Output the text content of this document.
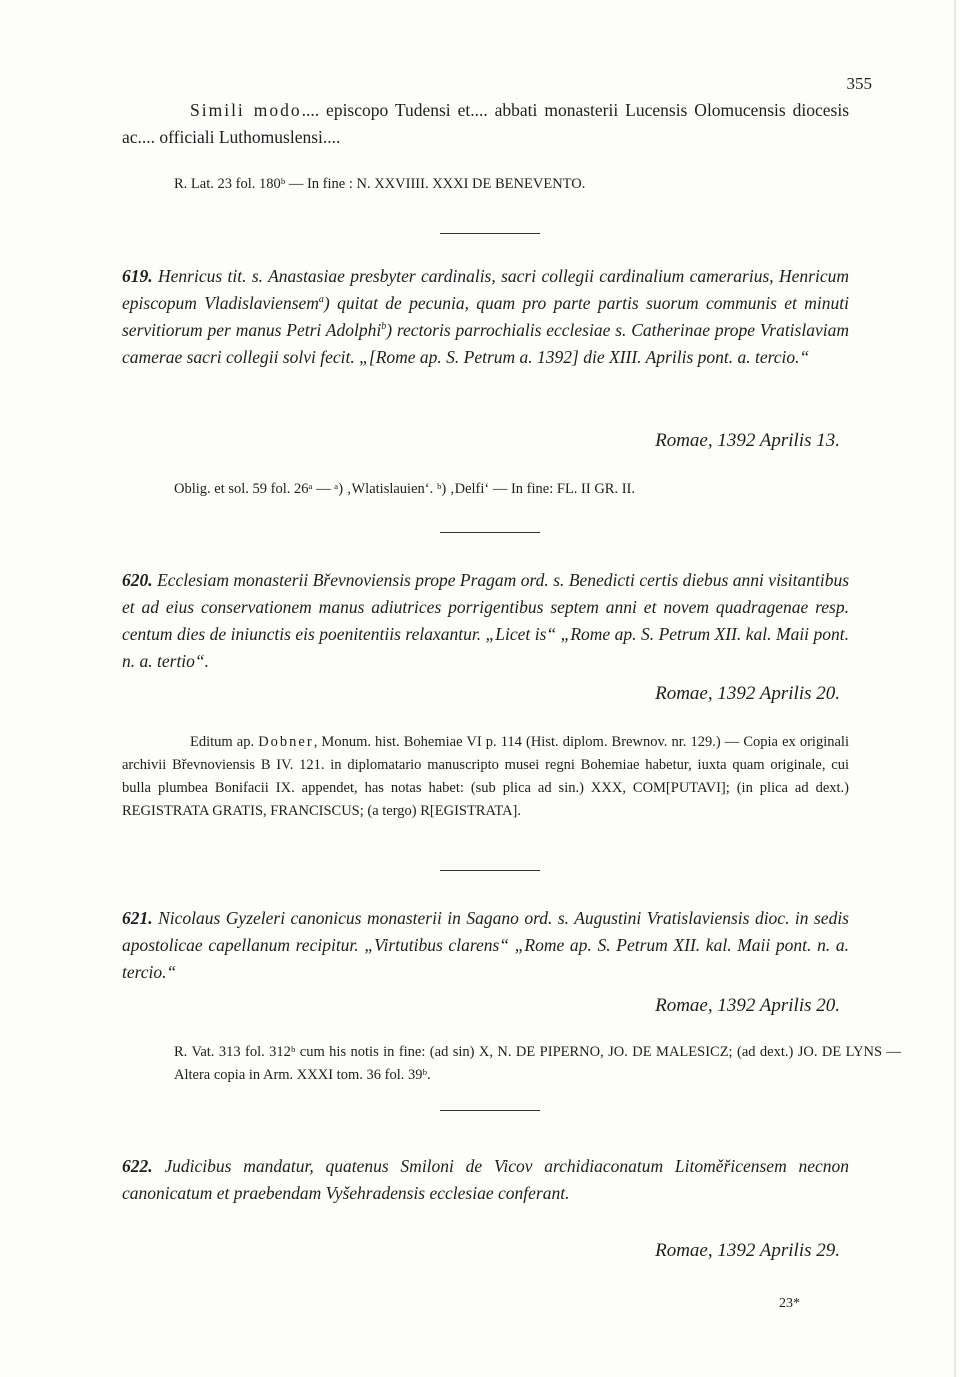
355

Simili modo.... episcopo Tudensi et.... abbati monasterii Lucensis Olomucensis diocesis ac.... officiali Luthomuslensi....

R. Lat. 23 fol. 180ᵇ — In fine : N. XXVIIII. XXXI DE BENEVENTO.

619. Henricus tit. s. Anastasiae presbyter cardinalis, sacri collegii cardinalium camerarius, Henricum episcopum Vladislaviensem$^a$) quitat de pecunia, quam pro parte partis suorum communis et minuti servitiorum per manus Petri Adolphi$^b$) rectoris parrochialis ecclesiae s. Catherinae prope Vratislaviam camerae sacri collegii solvi fecit. „[Rome ap. S. Petrum a. 1392] die XIII. Aprilis pont. a. tercio.“

Romae, 1392 Aprilis 13.

Oblig. et sol. 59 fol. 26ᵃ — ᵃ) ‚Wlatislauien‘. ᵇ) ‚Delfi‘ — In fine: FL. II GR. II.

620. Ecclesiam monasterii Břevnoviensis prope Pragam ord. s. Benedicti certis diebus anni visitantibus et ad eius conservationem manus adiutrices porrigentibus septem anni et novem quadragenae resp. centum dies de iniunctis eis poenitentiis relaxantur. „Licet is“ „Rome ap. S. Petrum XII. kal. Maii pont. n. a. tertio“.

Romae, 1392 Aprilis 20.

Editum ap. Dobner, Monum. hist. Bohemiae VI p. 114 (Hist. diplom. Brewnov. nr. 129.) — Copia ex originali archivii Břevnoviensis B IV. 121. in diplomatario manuscripto musei regni Bohemiae habetur, iuxta quam originale, cui bulla plumbea Bonifacii IX. appendet, has notas habet: (sub plica ad sin.) XXX, COM[PUTAVI]; (in plica ad dext.) REGISTRATA GRATIS, FRANCISCUS; (a tergo) R[EGISTRATA].

621. Nicolaus Gyzeleri canonicus monasterii in Sagano ord. s. Augustini Vratislaviensis dioc. in sedis apostolicae capellanum recipitur. „Virtutibus clarens“ „Rome ap. S. Petrum XII. kal. Maii pont. n. a. tercio.“

Romae, 1392 Aprilis 20.

R. Vat. 313 fol. 312ᵇ cum his notis in fine: (ad sin) X, N. DE PIPERNO, JO. DE MALESICZ; (ad dext.) JO. DE LYNS — Altera copia in Arm. XXXI tom. 36 fol. 39ᵇ.

622. Judicibus mandatur, quatenus Smiloni de Vicov archidiaconatum Litoměřicensem necnon canonicatum et praebendam Vyšehradensis ecclesiae conferant.

Romae, 1392 Aprilis 29.
23*
